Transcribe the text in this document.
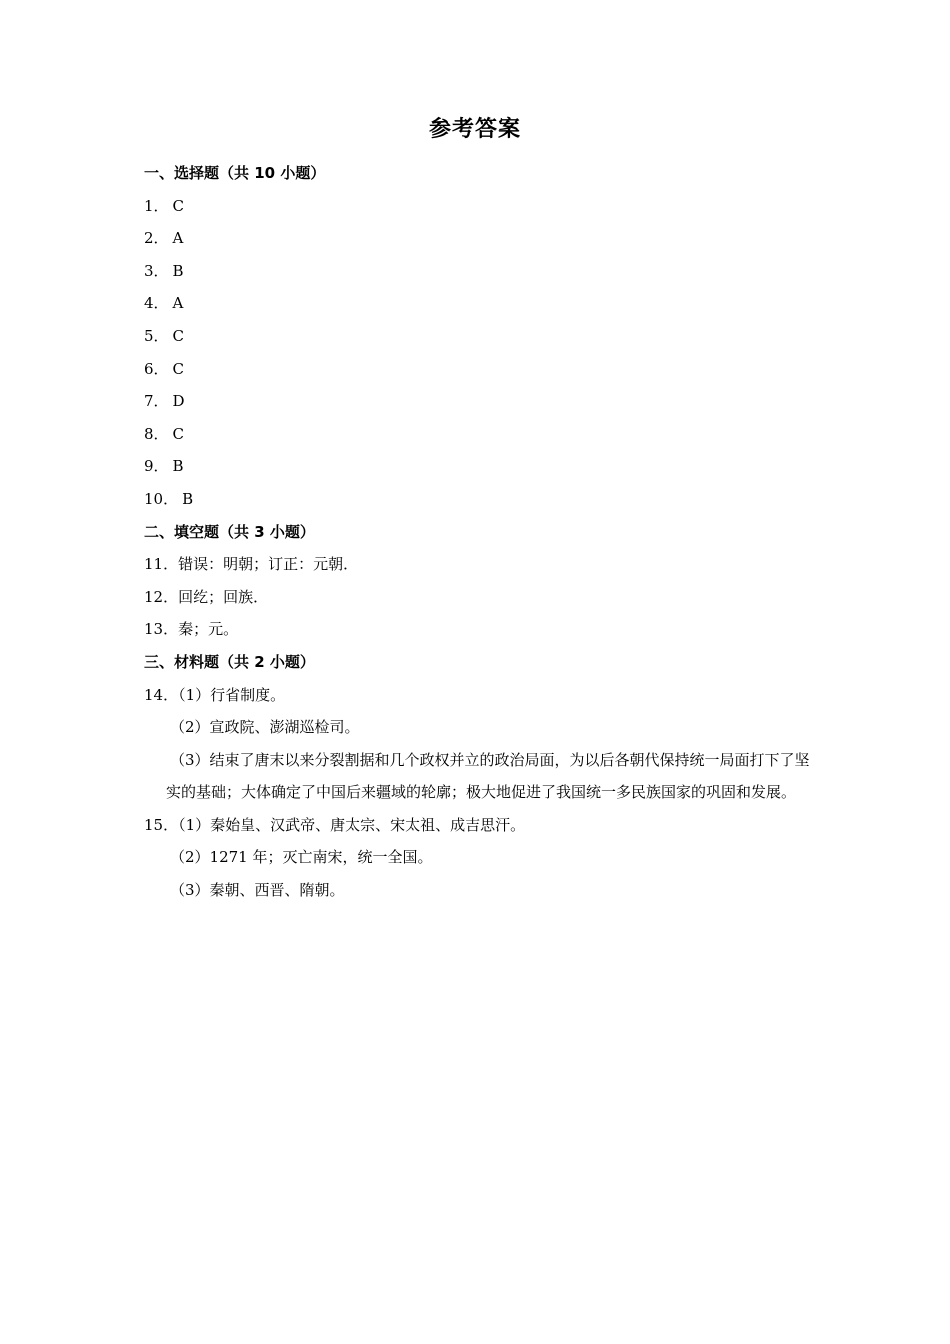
参考答案
一、选择题（共 10 小题）
1． C
2． A
3． B
4． A
5． C
6． C
7． D
8． C
9． B
10． B
二、填空题（共 3 小题）
11．错误：明朝；订正：元朝．
12．回纥；回族．
13．秦；元。
三、材料题（共 2 小题）
14．（1）行省制度。
（2）宣政院、澎湖巡检司。
（3）结束了唐末以来分裂割据和几个政权并立的政治局面，为以后各朝代保持统一局面打下了坚实的基础；大体确定了中国后来疆域的轮廓；极大地促进了我国统一多民族国家的巩固和发展。
15．（1）秦始皇、汉武帝、唐太宗、宋太祖、成吉思汗。
（2）1271 年；灭亡南宋，统一全国。
（3）秦朝、西晋、隋朝。
